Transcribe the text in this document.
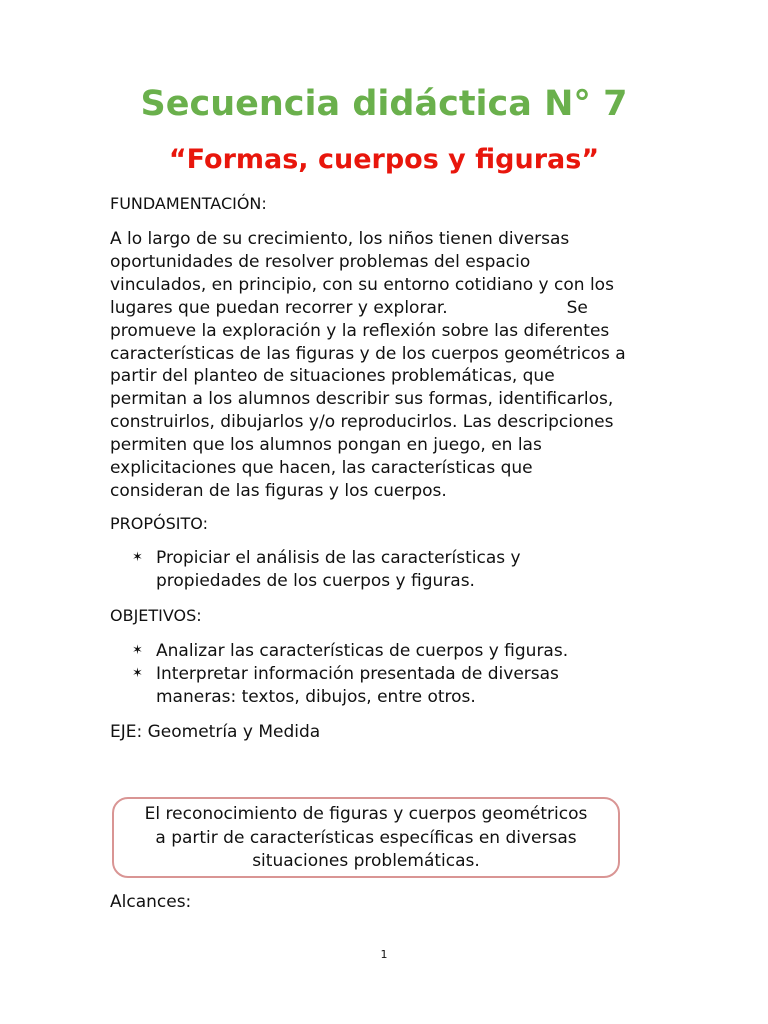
Secuencia didáctica N° 7
“Formas, cuerpos y figuras”

FUNDAMENTACIÓN:

A lo largo de su crecimiento, los niños tienen diversas
oportunidades de resolver problemas del espacio
vinculados, en principio, con su entorno cotidiano y con los
lugares que puedan recorrer y explorar.                      Se
promueve la exploración y la reflexión sobre las diferentes
características de las figuras y de los cuerpos geométricos a
partir del planteo de situaciones problemáticas, que
permitan a los alumnos describir sus formas, identificarlos,
construirlos, dibujarlos y/o reproducirlos. Las descripciones
permiten que los alumnos pongan en juego, en las
explicitaciones que hacen, las características que
consideran de las figuras y los cuerpos.

PROPÓSITO:

✶ Propiciar el análisis de las características y
propiedades de los cuerpos y figuras.

OBJETIVOS:

✶ Analizar las características de cuerpos y figuras.
✶ Interpretar información presentada de diversas
maneras: textos, dibujos, entre otros.

EJE: Geometría y Medida

El reconocimiento de figuras y cuerpos geométricos
a partir de características específicas en diversas
situaciones problemáticas.

Alcances:

1
